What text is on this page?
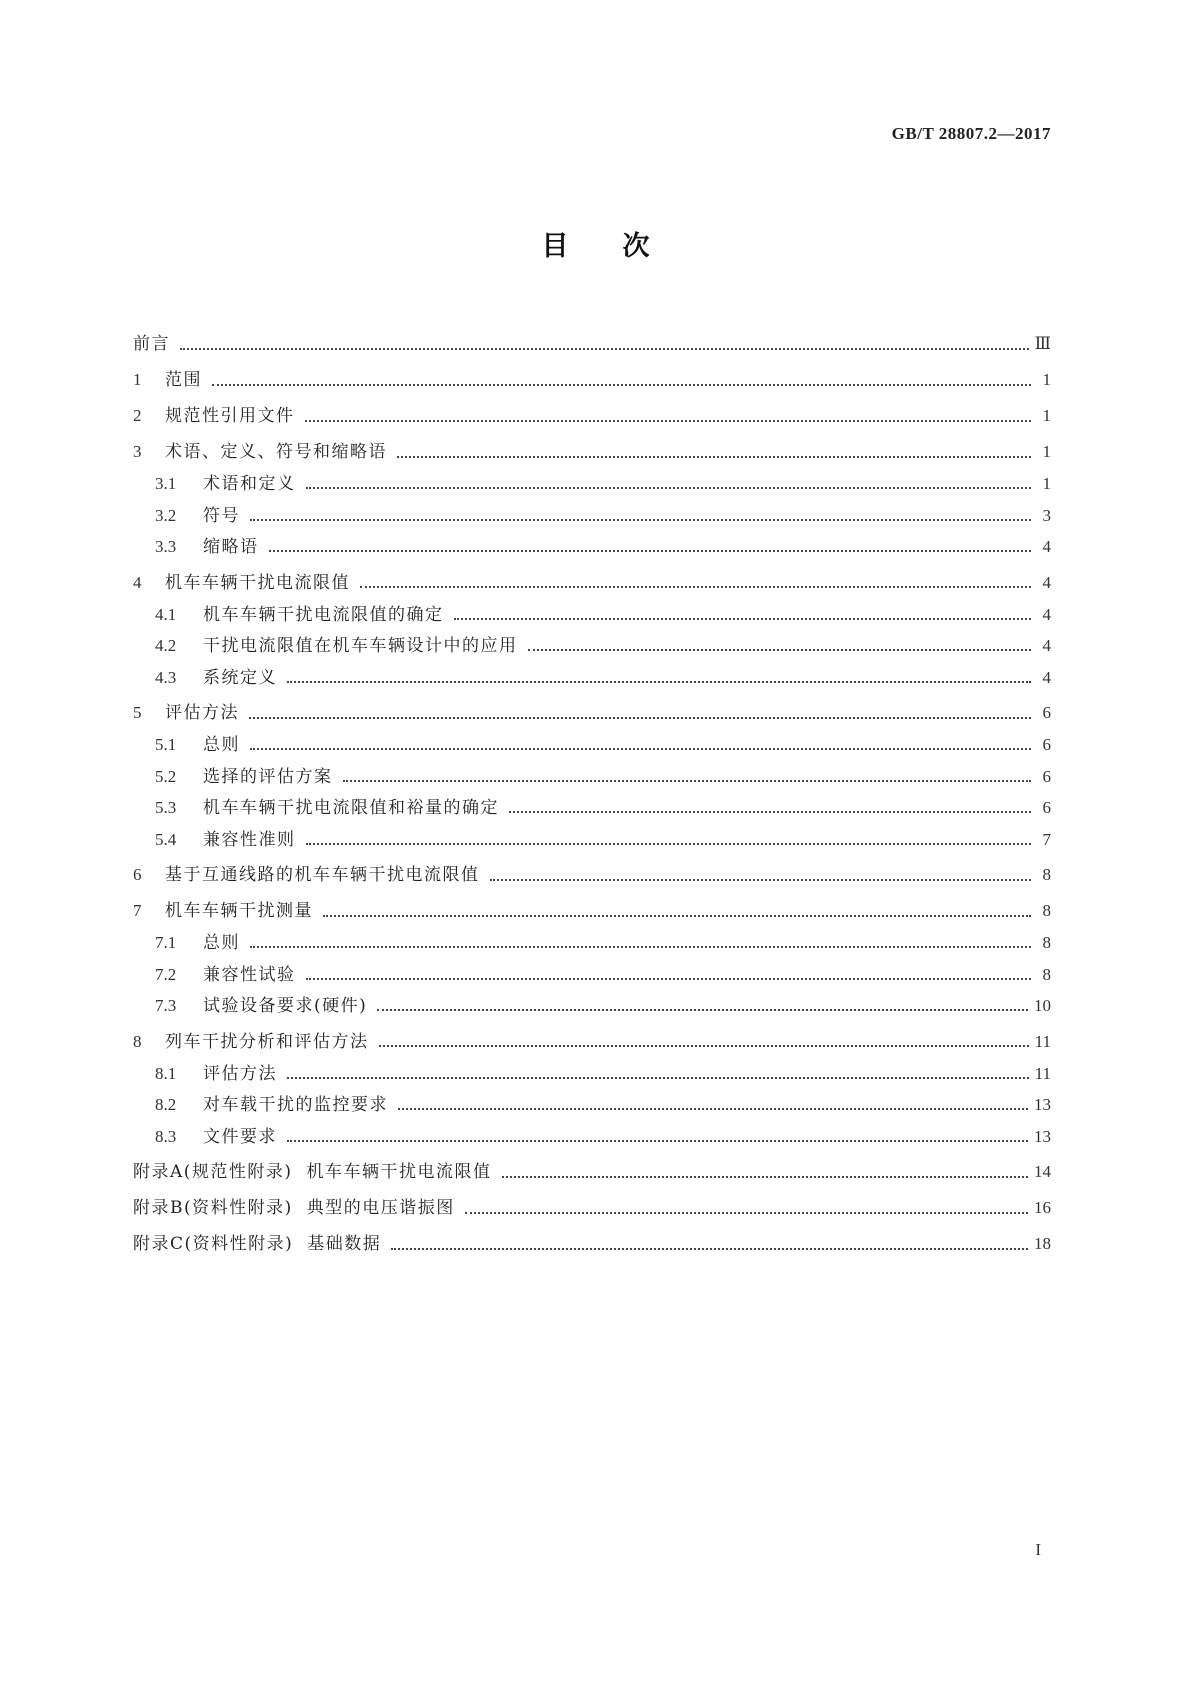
GB/T 28807.2—2017
目次
前言	Ⅲ
1	范围	1
2	规范性引用文件	1
3	术语、定义、符号和缩略语	1
3.1	术语和定义	1
3.2	符号	3
3.3	缩略语	4
4	机车车辆干扰电流限值	4
4.1	机车车辆干扰电流限值的确定	4
4.2	干扰电流限值在机车车辆设计中的应用	4
4.3	系统定义	4
5	评估方法	6
5.1	总则	6
5.2	选择的评估方案	6
5.3	机车车辆干扰电流限值和裕量的确定	6
5.4	兼容性准则	7
6	基于互通线路的机车车辆干扰电流限值	8
7	机车车辆干扰测量	8
7.1	总则	8
7.2	兼容性试验	8
7.3	试验设备要求(硬件)	10
8	列车干扰分析和评估方法	11
8.1	评估方法	11
8.2	对车载干扰的监控要求	13
8.3	文件要求	13
附录A(规范性附录) 机车车辆干扰电流限值	14
附录B(资料性附录) 典型的电压谐振图	16
附录C(资料性附录) 基础数据	18
I
